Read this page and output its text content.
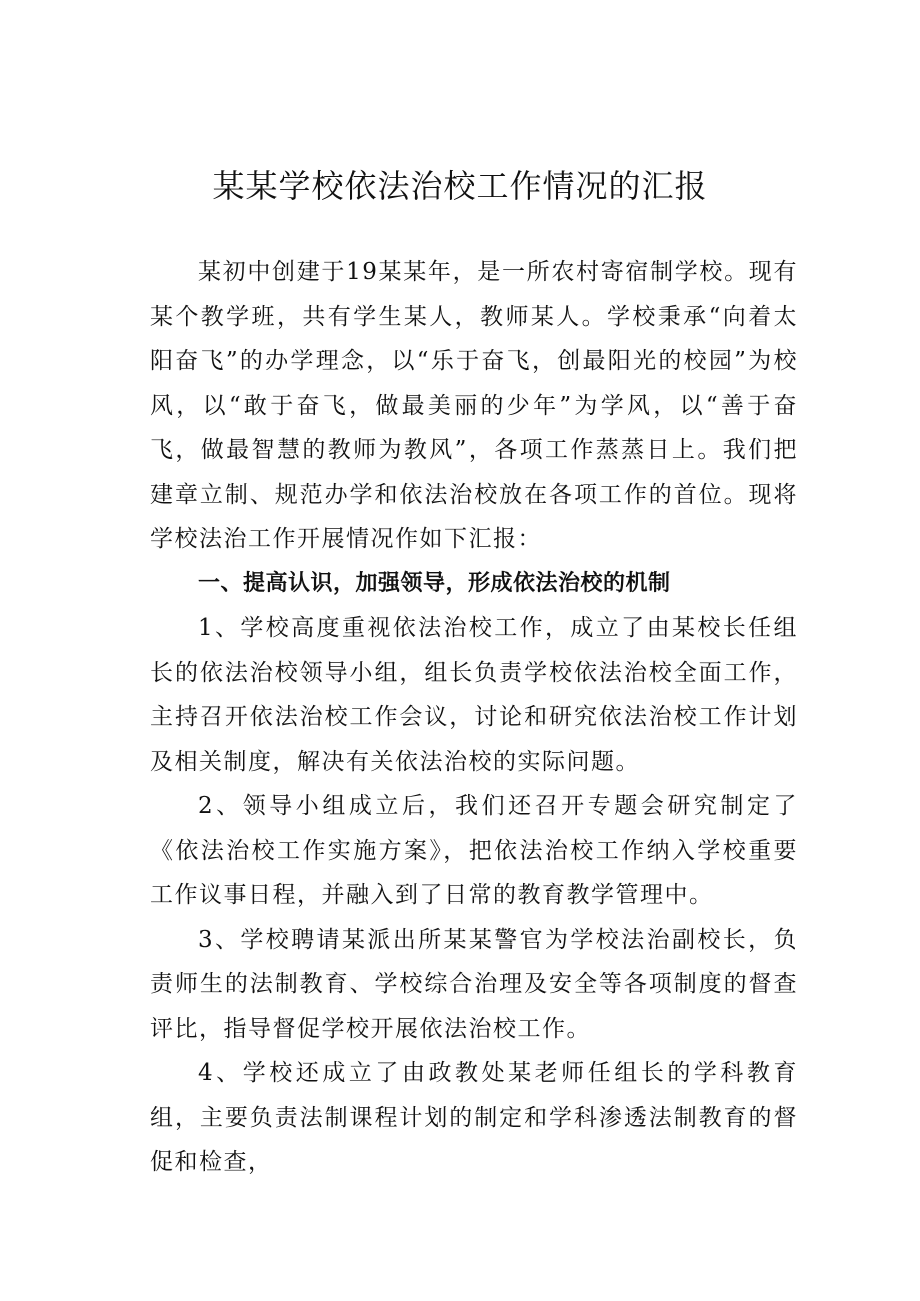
某某学校依法治校工作情况的汇报

某初中创建于19某某年，是一所农村寄宿制学校。现有某个教学班，共有学生某人，教师某人。学校秉承“向着太阳奋飞”的办学理念，以“乐于奋飞，创最阳光的校园”为校风，以“敢于奋飞，做最美丽的少年”为学风，以“善于奋飞，做最智慧的教师为教风”，各项工作蒸蒸日上。我们把建章立制、规范办学和依法治校放在各项工作的首位。现将学校法治工作开展情况作如下汇报：

一、提高认识，加强领导，形成依法治校的机制

1、学校高度重视依法治校工作，成立了由某校长任组长的依法治校领导小组，组长负责学校依法治校全面工作，主持召开依法治校工作会议，讨论和研究依法治校工作计划及相关制度，解决有关依法治校的实际问题。

2、领导小组成立后，我们还召开专题会研究制定了《依法治校工作实施方案》，把依法治校工作纳入学校重要工作议事日程，并融入到了日常的教育教学管理中。

3、学校聘请某派出所某某警官为学校法治副校长，负责师生的法制教育、学校综合治理及安全等各项制度的督查评比，指导督促学校开展依法治校工作。

4、学校还成立了由政教处某老师任组长的学科教育组，主要负责法制课程计划的制定和学科渗透法制教育的督促和检查，
